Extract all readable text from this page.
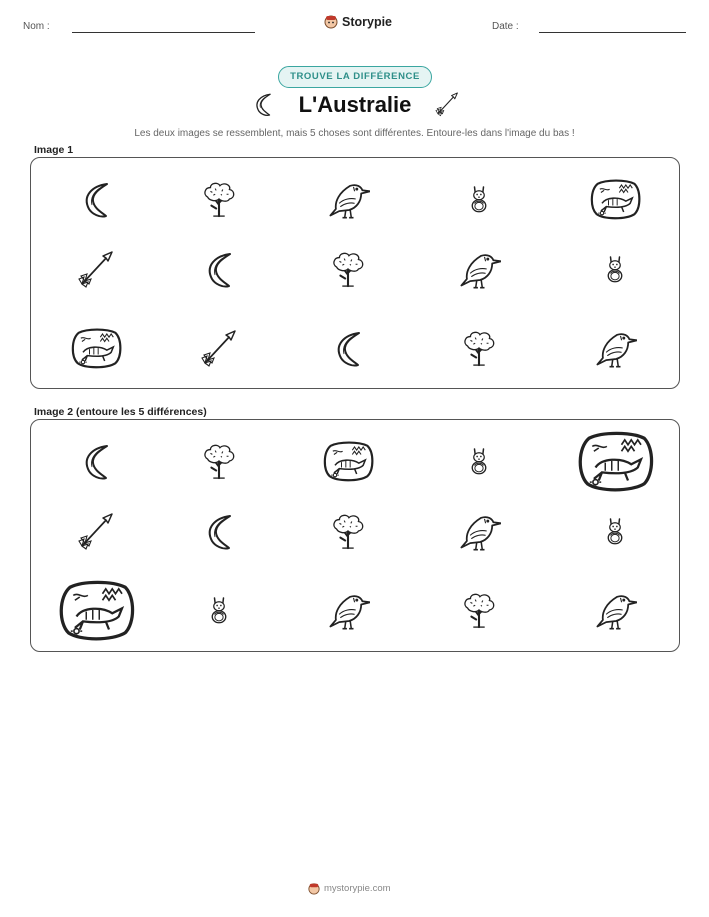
Nom :	Storypie	Date :
TROUVE LA DIFFÉRENCE
L'Australie
Les deux images se ressemblent, mais 5 choses sont différentes. Entoure-les dans l'image du bas !
Image 1
Image 2 (entoure les 5 différences)
mystorypie.com
